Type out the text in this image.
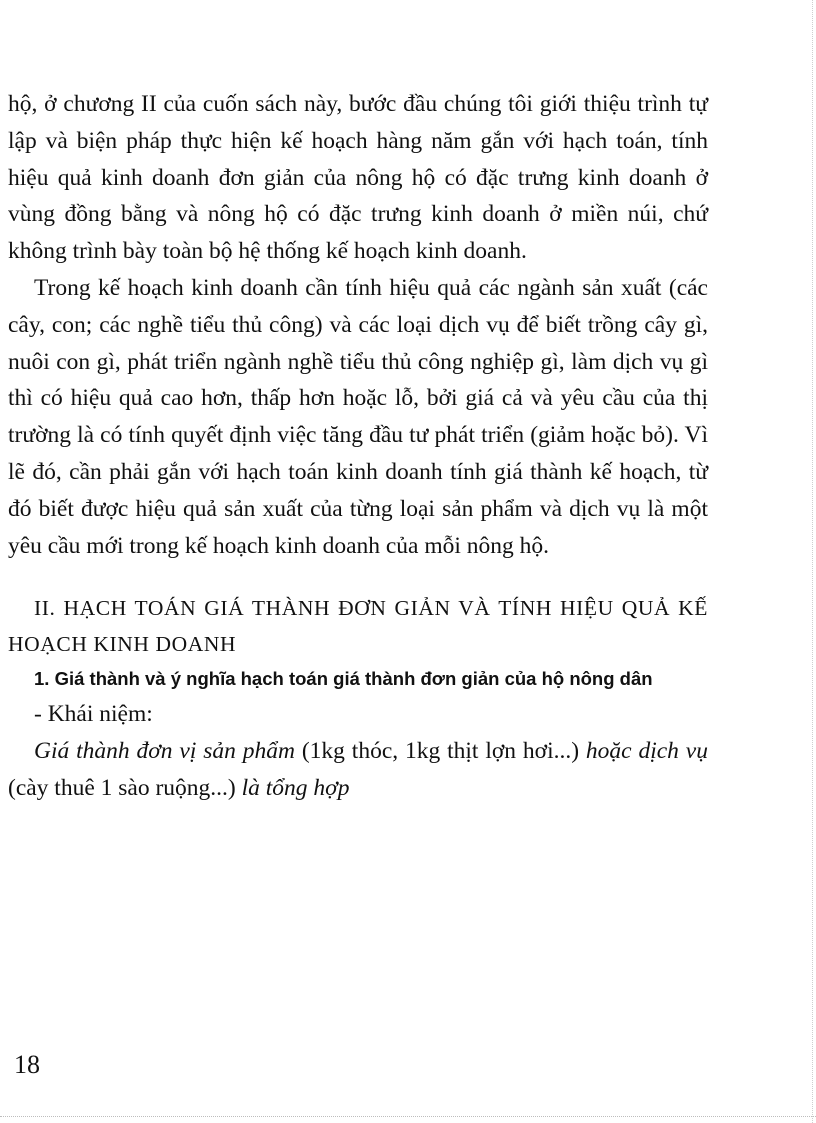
hộ, ở chương II của cuốn sách này, bước đầu chúng tôi giới thiệu trình tự lập và biện pháp thực hiện kế hoạch hàng năm gắn với hạch toán, tính hiệu quả kinh doanh đơn giản của nông hộ có đặc trưng kinh doanh ở vùng đồng bằng và nông hộ có đặc trưng kinh doanh ở miền núi, chứ không trình bày toàn bộ hệ thống kế hoạch kinh doanh.

Trong kế hoạch kinh doanh cần tính hiệu quả các ngành sản xuất (các cây, con; các nghề tiểu thủ công) và các loại dịch vụ để biết trồng cây gì, nuôi con gì, phát triển ngành nghề tiểu thủ công nghiệp gì, làm dịch vụ gì thì có hiệu quả cao hơn, thấp hơn hoặc lỗ, bởi giá cả và yêu cầu của thị trường là có tính quyết định việc tăng đầu tư phát triển (giảm hoặc bỏ). Vì lẽ đó, cần phải gắn với hạch toán kinh doanh tính giá thành kế hoạch, từ đó biết được hiệu quả sản xuất của từng loại sản phẩm và dịch vụ là một yêu cầu mới trong kế hoạch kinh doanh của mỗi nông hộ.

II. HẠCH TOÁN GIÁ THÀNH ĐƠN GIẢN VÀ TÍNH HIỆU QUẢ KẾ HOẠCH KINH DOANH

1. Giá thành và ý nghĩa hạch toán giá thành đơn giản của hộ nông dân

- Khái niệm:

Giá thành đơn vị sản phẩm (1kg thóc, 1kg thịt lợn hơi...) hoặc dịch vụ (cày thuê 1 sào ruộng...) là tổng hợp

18
